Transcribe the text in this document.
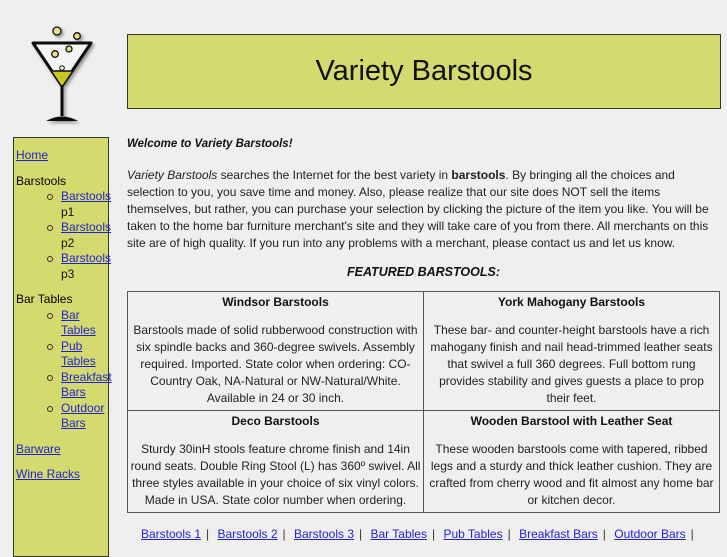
Variety Barstools
Home
Barstools
Barstools
p1
Barstools
p2
Barstools
p3
Bar Tables
Bar Tables
Pub Tables
Breakfast Bars
Outdoor Bars
Barware
Wine Racks

Welcome to Variety Barstools!

Variety Barstools searches the Internet for the best variety in barstools. By bringing all the choices and selection to you, you save time and money. Also, please realize that our site does NOT sell the items themselves, but rather, you can purchase your selection by clicking the picture of the item you like. You will be taken to the home bar furniture merchant's site and they will take care of you from there. All merchants on this site are of high quality. If you run into any problems with a merchant, please contact us and let us know.

FEATURED BARSTOOLS:

Windsor Barstools
Barstools made of solid rubberwood construction with six spindle backs and 360-degree swivels. Assembly required. Imported. State color when ordering: CO-Country Oak, NA-Natural or NW-Natural/White. Available in 24 or 30 inch.

York Mahogany Barstools
These bar- and counter-height barstools have a rich mahogany finish and nail head-trimmed leather seats that swivel a full 360 degrees. Full bottom rung provides stability and gives guests a place to prop their feet.

Deco Barstools
Sturdy 30inH stools feature chrome finish and 14in round seats. Double Ring Stool (L) has 360º swivel. All three styles available in your choice of six vinyl colors. Made in USA. State color number when ordering.

Wooden Barstool with Leather Seat
These wooden barstools come with tapered, ribbed legs and a sturdy and thick leather cushion. They are crafted from cherry wood and fit almost any home bar or kitchen decor.
Barstools 1 | Barstools 2 | Barstools 3 | Bar Tables | Pub Tables | Breakfast Bars | Outdoor Bars |
